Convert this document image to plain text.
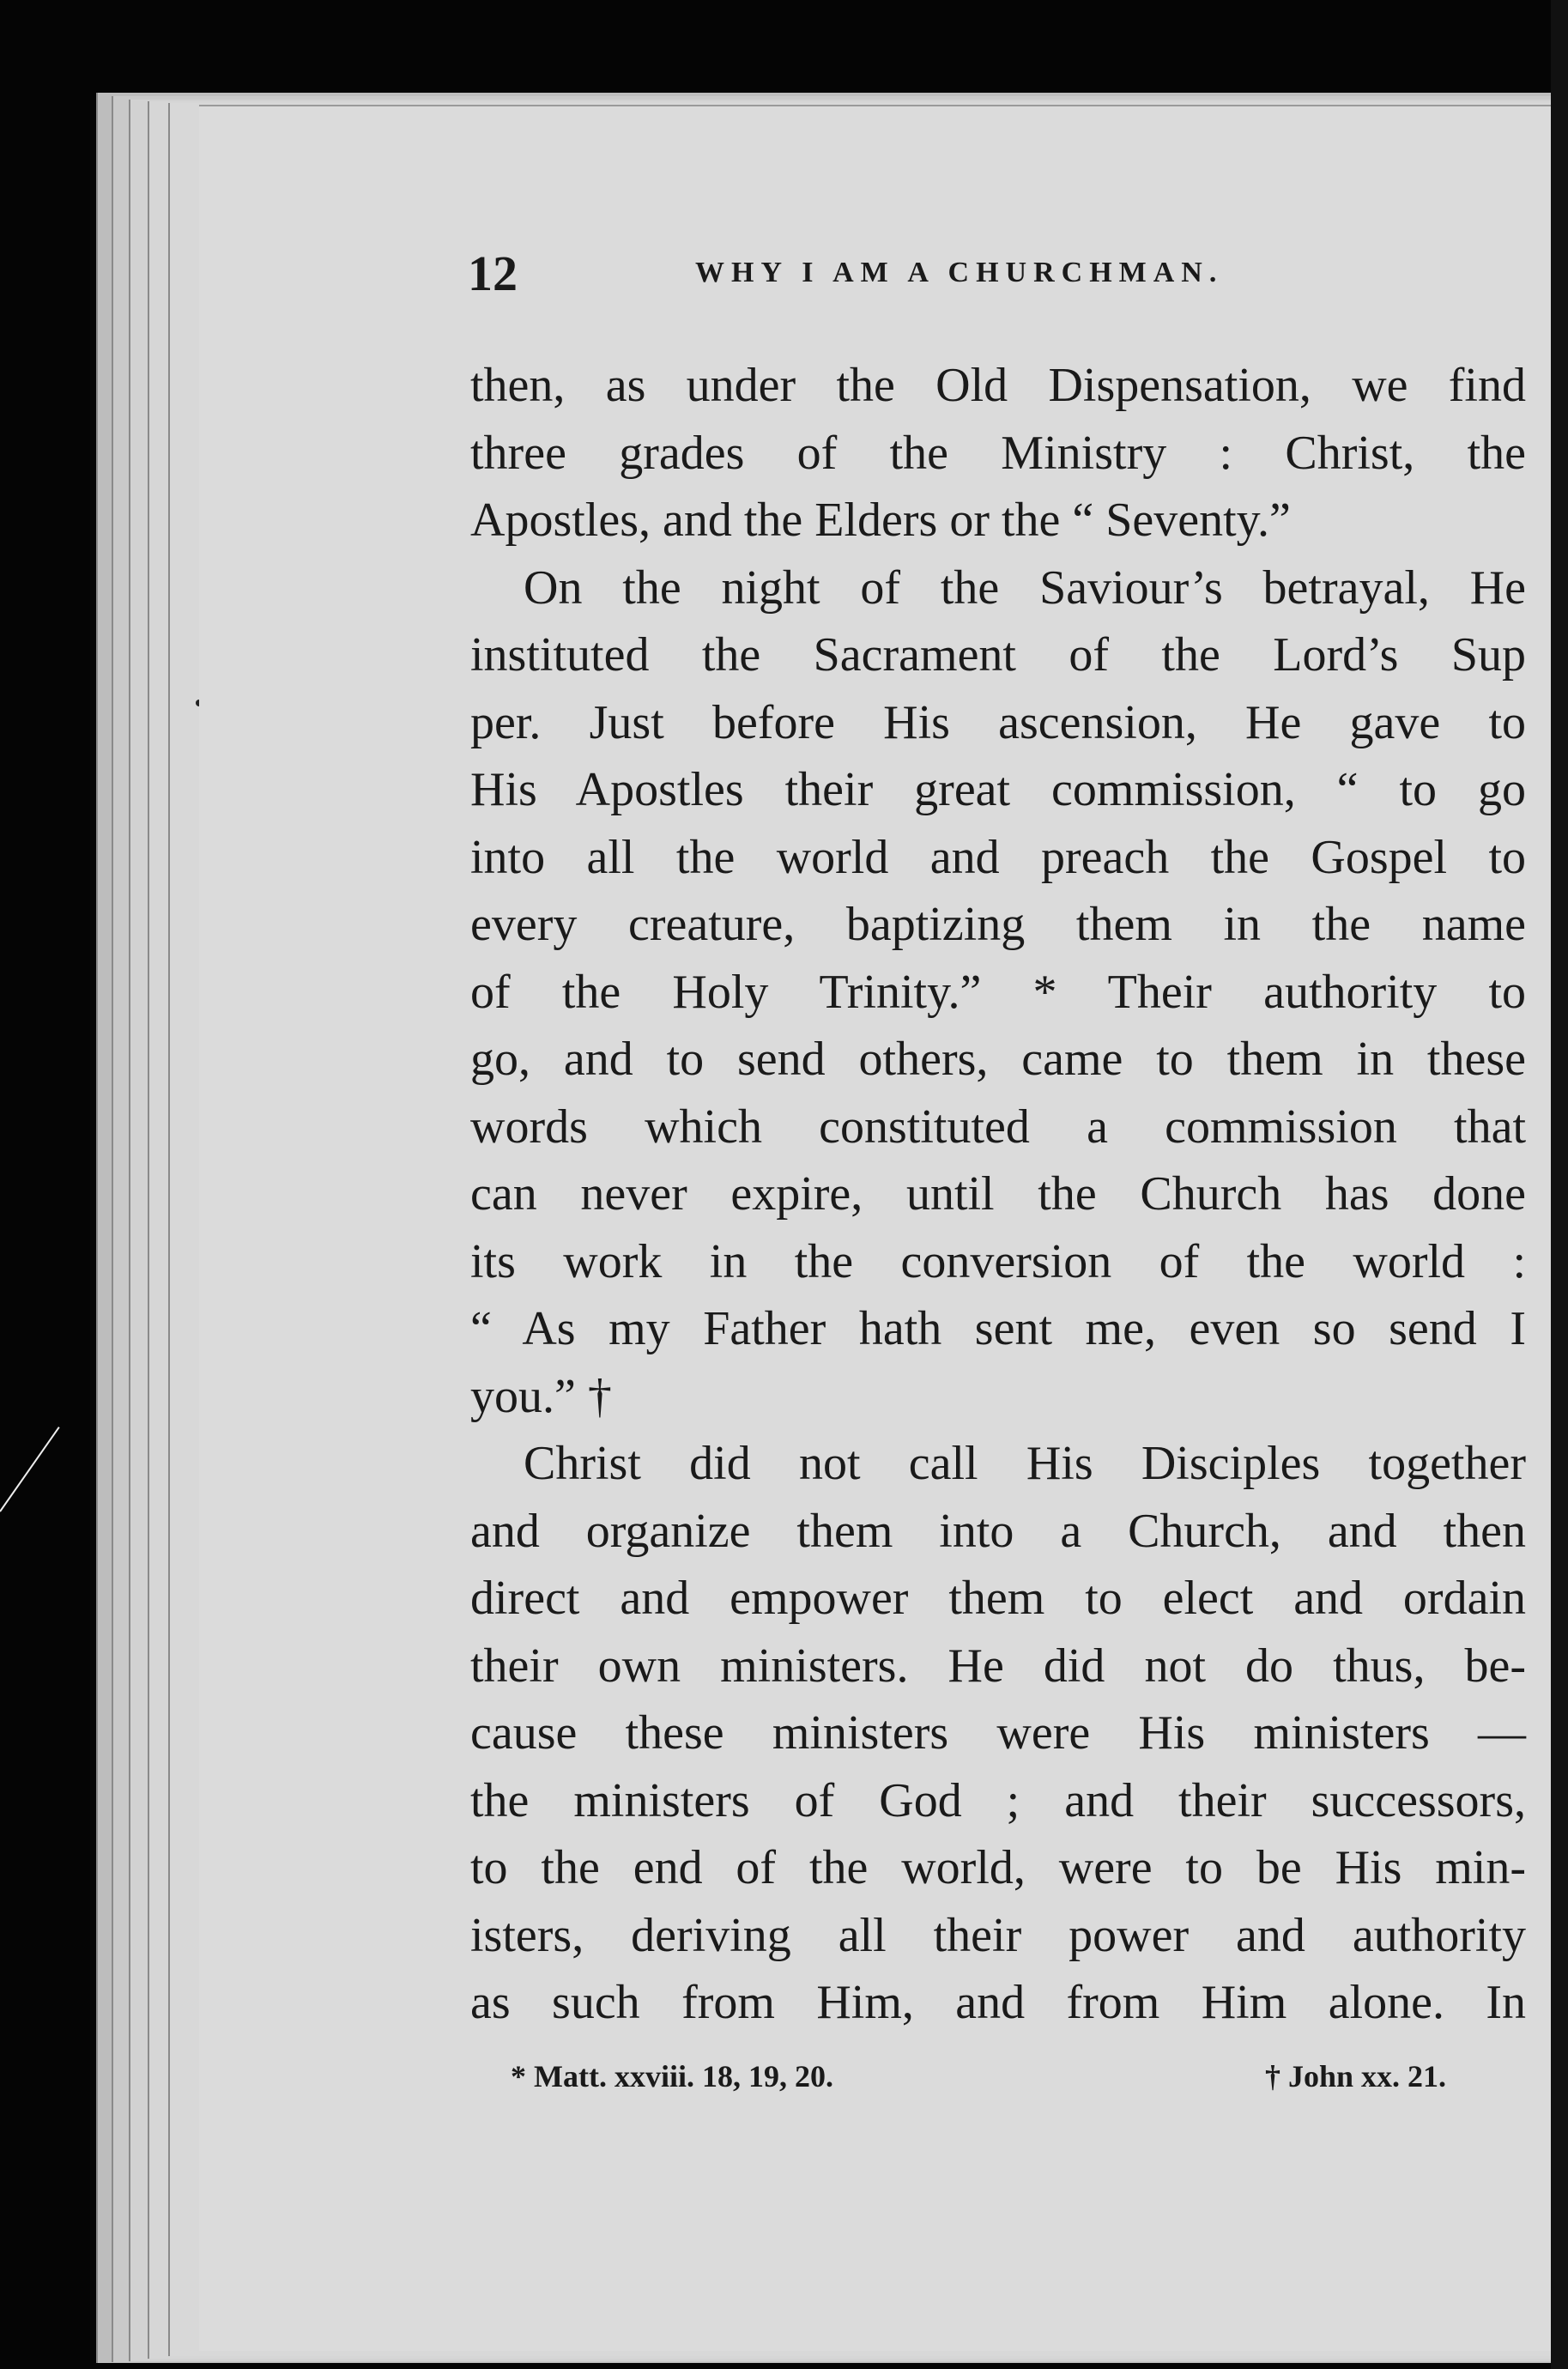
12	WHY I AM A CHURCHMAN.
then, as under the Old Dispensation, we find
three grades of the Ministry : Christ, the
Apostles, and the Elders or the “ Seventy.”
On the night of the Saviour’s betrayal, He
instituted the Sacrament of the Lord’s Sup
per. Just before His ascension, He gave to
His Apostles their great commission, “ to go
into all the world and preach the Gospel to
every creature, baptizing them in the name
of the Holy Trinity.” * Their authority to
go, and to send others, came to them in these
words which constituted a commission that
can never expire, until the Church has done
its work in the conversion of the world :
“ As my Father hath sent me, even so send I
you.” †
Christ did not call His Disciples together
and organize them into a Church, and then
direct and empower them to elect and ordain
their own ministers. He did not do thus, be-
cause these ministers were His ministers —
the ministers of God ; and their successors,
to the end of the world, were to be His min-
isters, deriving all their power and authority
as such from Him, and from Him alone. In
* Matt. xxviii. 18, 19, 20.	† John xx. 21.
